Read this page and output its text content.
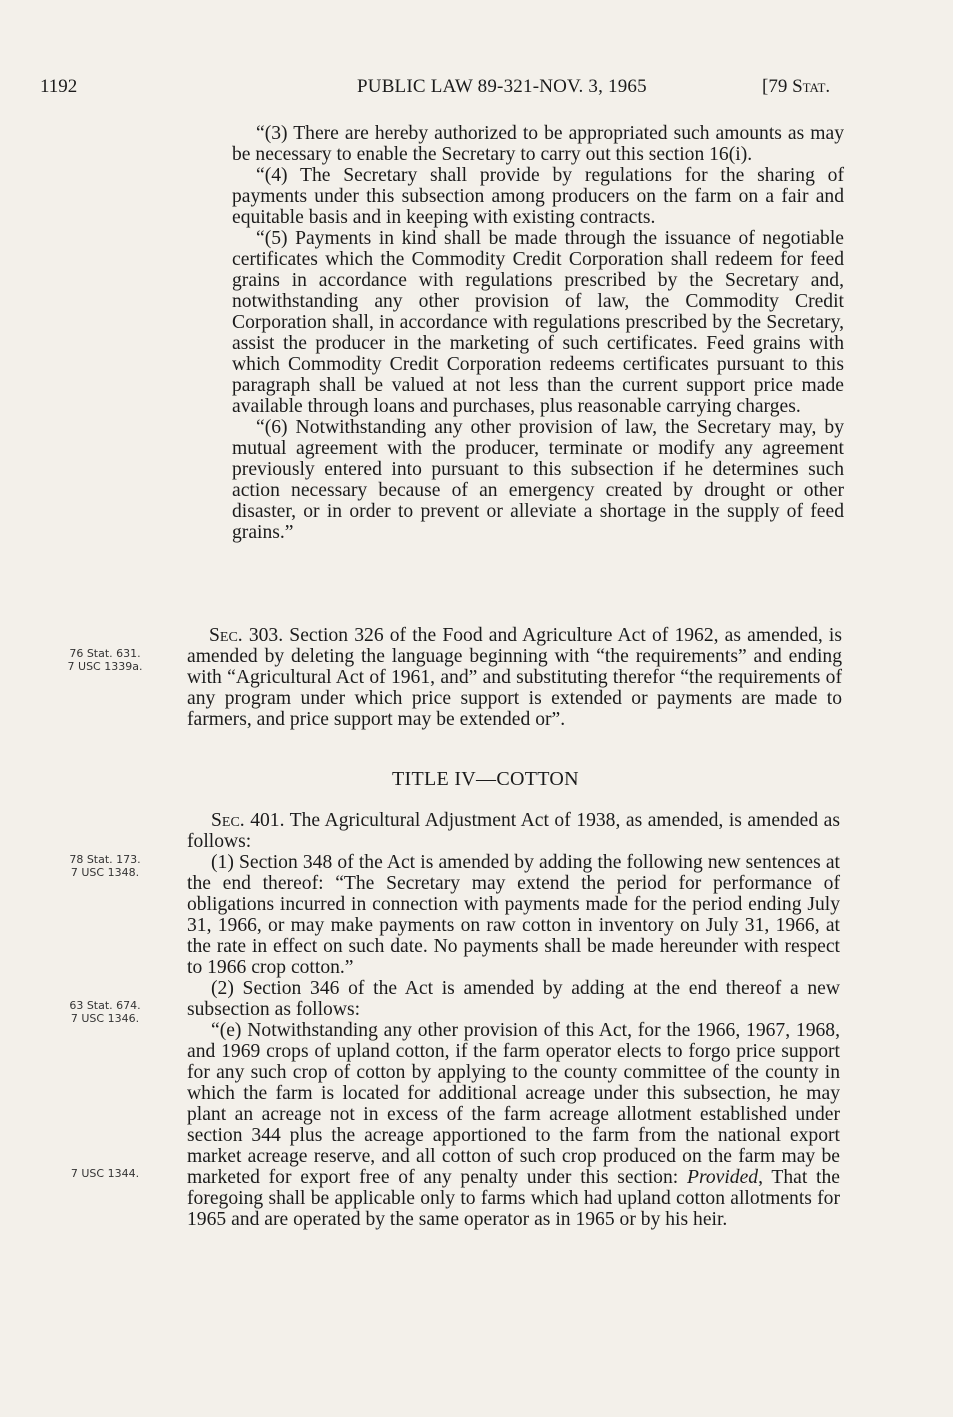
1192	PUBLIC LAW 89-321-NOV. 3, 1965	[79 Stat.

“(3) There are hereby authorized to be appropriated such amounts as may be necessary to enable the Secretary to carry out this section 16(i).

“(4) The Secretary shall provide by regulations for the sharing of payments under this subsection among producers on the farm on a fair and equitable basis and in keeping with existing contracts.

“(5) Payments in kind shall be made through the issuance of negotiable certificates which the Commodity Credit Corporation shall redeem for feed grains in accordance with regulations prescribed by the Secretary and, notwithstanding any other provision of law, the Commodity Credit Corporation shall, in accordance with regulations prescribed by the Secretary, assist the producer in the marketing of such certificates. Feed grains with which Commodity Credit Corporation redeems certificates pursuant to this paragraph shall be valued at not less than the current support price made available through loans and purchases, plus reasonable carrying charges.

“(6) Notwithstanding any other provision of law, the Secretary may, by mutual agreement with the producer, terminate or modify any agreement previously entered into pursuant to this subsection if he determines such action necessary because of an emergency created by drought or other disaster, or in order to prevent or alleviate a shortage in the supply of feed grains.”

76 Stat. 631.
7 USC 1339a.

Sec. 303. Section 326 of the Food and Agriculture Act of 1962, as amended, is amended by deleting the language beginning with “the requirements” and ending with “Agricultural Act of 1961, and” and substituting therefor “the requirements of any program under which price support is extended or payments are made to farmers, and price support may be extended or”.

TITLE IV—COTTON

Sec. 401. The Agricultural Adjustment Act of 1938, as amended, is amended as follows:

(1) Section 348 of the Act is amended by adding the following new sentences at the end thereof: “The Secretary may extend the period for performance of obligations incurred in connection with payments made for the period ending July 31, 1966, or may make payments on raw cotton in inventory on July 31, 1966, at the rate in effect on such date. No payments shall be made hereunder with respect to 1966 crop cotton.”

(2) Section 346 of the Act is amended by adding at the end thereof a new subsection as follows:

“(e) Notwithstanding any other provision of this Act, for the 1966, 1967, 1968, and 1969 crops of upland cotton, if the farm operator elects to forgo price support for any such crop of cotton by applying to the county committee of the county in which the farm is located for additional acreage under this subsection, he may plant an acreage not in excess of the farm acreage allotment established under section 344 plus the acreage apportioned to the farm from the national export market acreage reserve, and all cotton of such crop produced on the farm may be marketed for export free of any penalty under this section: Provided, That the foregoing shall be applicable only to farms which had upland cotton allotments for 1965 and are operated by the same operator as in 1965 or by his heir.

78 Stat. 173.
7 USC 1348.
63 Stat. 674.
7 USC 1346.
7 USC 1344.
